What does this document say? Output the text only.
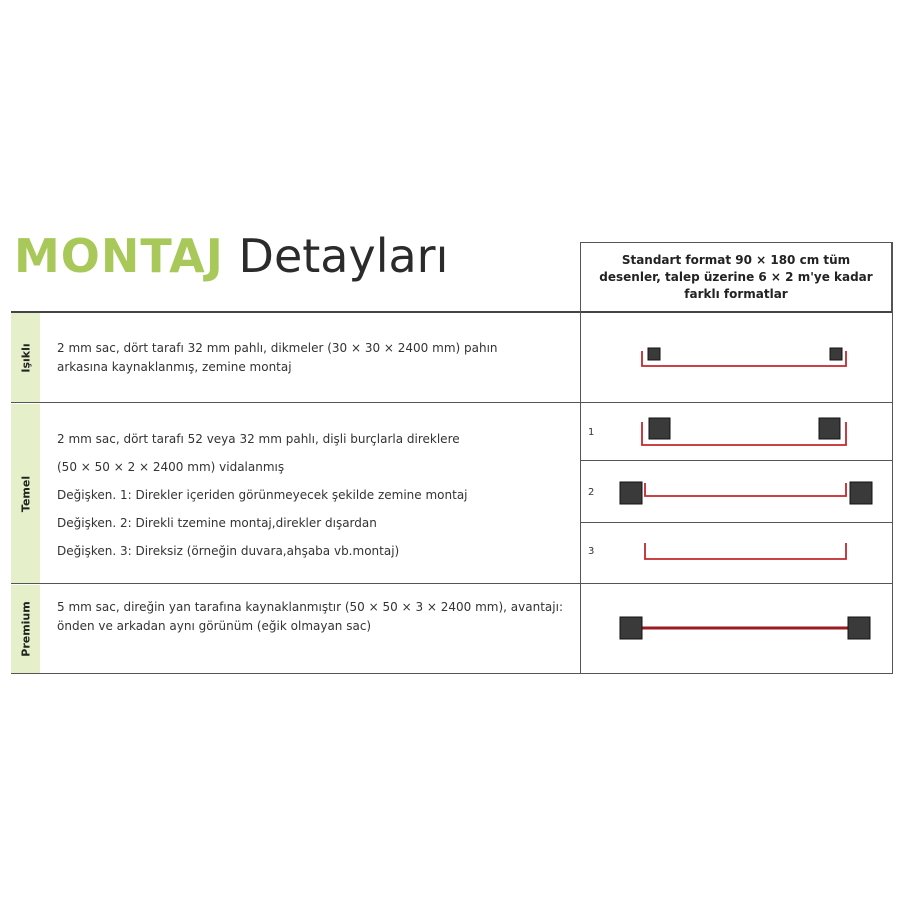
MONTAJ Detayları	Standart format 90 × 180 cm tüm desenler, talep üzerine 6 × 2 m'ye kadar farklı formatlar
Işıklı
Temel
Premium

2 mm sac, dört tarafı 32 mm pahlı, dikmeler (30 × 30 × 2400 mm) pahın

arkasına kaynaklanmış, zemine montaj

2 mm sac, dört tarafı 52 veya 32 mm pahlı, dişli burçlarla direklere

(50 × 50 × 2 × 2400 mm) vidalanmış

Değişken. 1: Direkler içeriden görünmeyecek şekilde zemine montaj

Değişken. 2: Direkli tzemine montaj,direkler dışardan

Değişken. 3: Direksiz (örneğin duvara,ahşaba vb.montaj)

5 mm sac, direğin yan tarafına kaynaklanmıştır (50 × 50 × 3 × 2400 mm), avantajı:

önden ve arkadan aynı görünüm (eğik olmayan sac)

1
2
3
